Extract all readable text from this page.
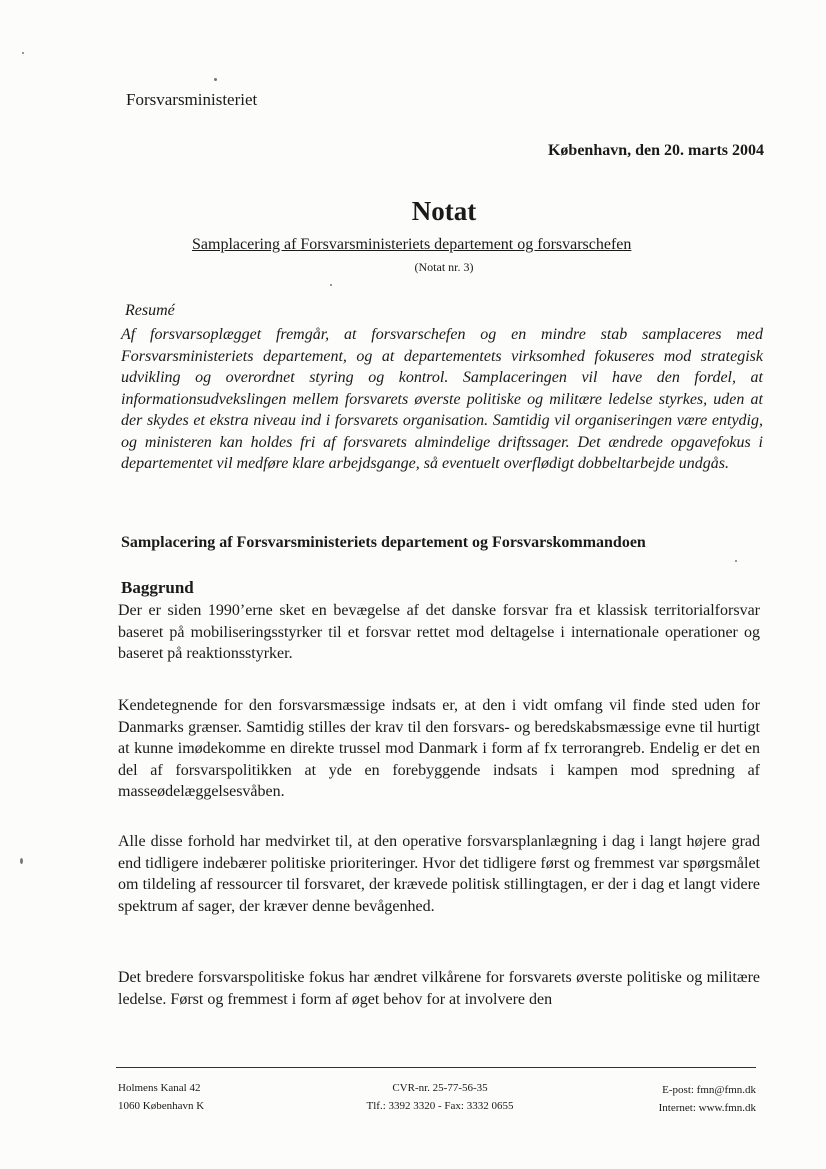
Forsvarsministeriet
København, den 20. marts 2004
Notat
Samplacering af Forsvarsministeriets departement og forsvarschefen
(Notat nr. 3)
Resumé

Af forsvarsoplægget fremgår, at forsvarschefen og en mindre stab samplaceres med Forsvarsministeriets departement, og at departementets virksomhed fokuseres mod strategisk udvikling og overordnet styring og kontrol. Samplaceringen vil have den fordel, at informationsudvekslingen mellem forsvarets øverste politiske og militære ledelse styrkes, uden at der skydes et ekstra niveau ind i forsvarets organisation. Samtidig vil organiseringen være entydig, og ministeren kan holdes fri af forsvarets almindelige driftssager. Det ændrede opgavefokus i departementet vil medføre klare arbejdsgange, så eventuelt overflødigt dobbeltarbejde undgås.

Samplacering af Forsvarsministeriets departement og Forsvarskommandoen
Baggrund

Der er siden 1990’erne sket en bevægelse af det danske forsvar fra et klassisk territorialforsvar baseret på mobiliseringsstyrker til et forsvar rettet mod deltagelse i internationale operationer og baseret på reaktionsstyrker.

Kendetegnende for den forsvarsmæssige indsats er, at den i vidt omfang vil finde sted uden for Danmarks grænser. Samtidig stilles der krav til den forsvars- og beredskabsmæssige evne til hurtigt at kunne imødekomme en direkte trussel mod Danmark i form af fx terrorangreb. Endelig er det en del af forsvarspolitikken at yde en forebyggende indsats i kampen mod spredning af masseødelæggelsesvåben.

Alle disse forhold har medvirket til, at den operative forsvarsplanlægning i dag i langt højere grad end tidligere indebærer politiske prioriteringer. Hvor det tidligere først og fremmest var spørgsmålet om tildeling af ressourcer til forsvaret, der krævede politisk stillingtagen, er der i dag et langt videre spektrum af sager, der kræver denne bevågenhed.

Det bredere forsvarspolitiske fokus har ændret vilkårene for forsvarets øverste politiske og militære ledelse. Først og fremmest i form af øget behov for at involvere den

Holmens Kanal 42
1060 København K
CVR-nr. 25-77-56-35
Tlf.: 3392 3320 - Fax: 3332 0655
E-post: fmn@fmn.dk
Internet: www.fmn.dk
